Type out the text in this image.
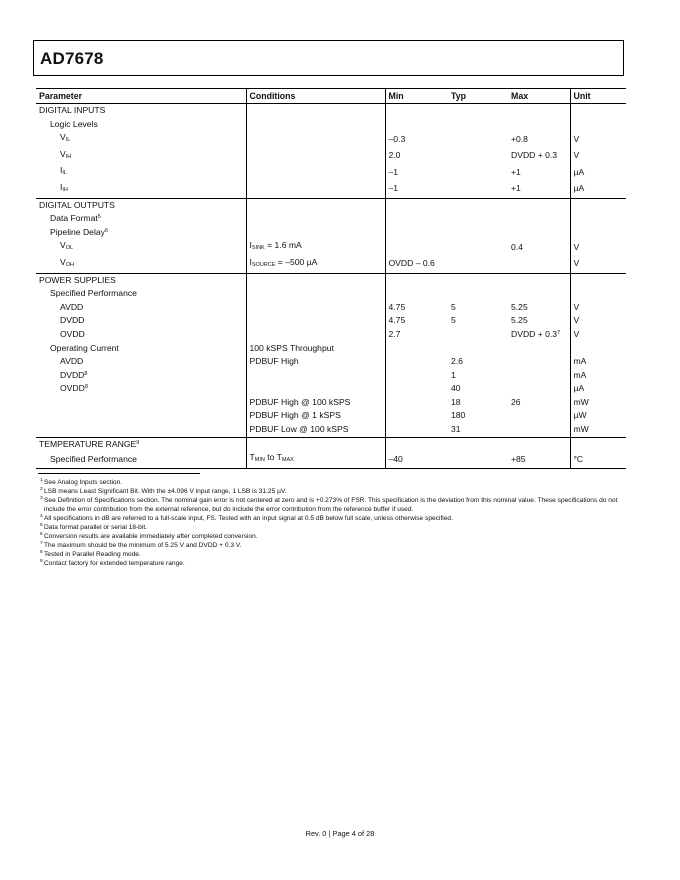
AD7678
Parameter	Conditions	Min	Typ	Max	Unit
DIGITAL INPUTS					
Logic Levels					
$V_{IL}$		–0.3		+0.8	V
$V_{IH}$		2.0		DVDD + 0.3	V
$I_{IL}$		–1		+1	µA
$I_{IH}$		–1		+1	µA
DIGITAL OUTPUTS					
Data Format$^5$					
Pipeline Delay$^6$					
$V_{OL}$	$I_{SINK} = 1.6$ mA			0.4	V
$V_{OH}$	$I_{SOURCE} = -500$ µA	OVDD – 0.6			V
POWER SUPPLIES					
Specified Performance					
AVDD		4.75	5	5.25	V
DVDD		4.75	5	5.25	V
OVDD		2.7		DVDD + $0.3^7$	V
Operating Current	100 kSPS Throughput				
AVDD	PDBUF High		2.6		mA
DVDD$^8$			1		mA
OVDD$^8$			40		µA
	PDBUF High @ 100 kSPS		18	26	mW
	PDBUF High @ 1 kSPS		180		µW
	PDBUF Low @ 100 kSPS		31		mW
TEMPERATURE RANGE$^9$					
Specified Performance	$T_{MIN}$ to $T_{MAX}$	–40		+85	°C
1 See Analog Inputs section.
2 LSB means Least Significant Bit. With the ±4.096 V input range, 1 LSB is 31.25 µV.
3 See Definition of Specifications section. The nominal gain error is not centered at zero and is +0.273% of FSR. This specification is the deviation from this nominal value. These specifications do not include the error contribution from the external reference, but do include the error contribution from the reference buffer if used.
4 All specifications in dB are referred to a full-scale input, FS. Tested with an input signal at 0.5 dB below full scale, unless otherwise specified.
5 Data format parallel or serial 18-bit.
6 Conversion results are available immediately after completed conversion.
7 The maximum should be the minimum of 5.25 V and DVDD + 0.3 V.
8 Tested in Parallel Reading mode.
9 Contact factory for extended temperature range.
Rev. 0 | Page 4 of 28
